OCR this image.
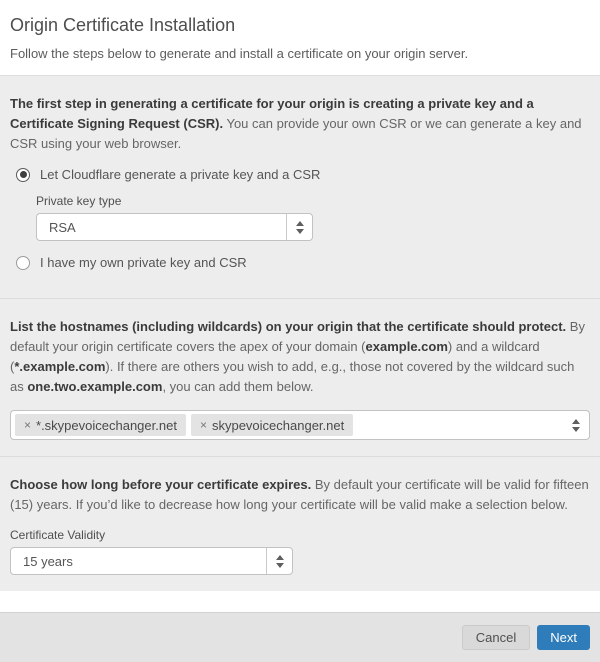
Origin Certificate Installation

Follow the steps below to generate and install a certificate on your origin server.

The first step in generating a certificate for your origin is creating a private key and a Certificate Signing Request (CSR). You can provide your own CSR or we can generate a key and CSR using your web browser.

Let Cloudflare generate a private key and a CSR
Private key type
RSA
I have my own private key and CSR

List the hostnames (including wildcards) on your origin that the certificate should protect. By default your origin certificate covers the apex of your domain (example.com) and a wildcard (*.example.com). If there are others you wish to add, e.g., those not covered by the wildcard such as one.two.example.com, you can add them below.

× *.skypevoicechanger.net × skypevoicechanger.net

Choose how long before your certificate expires. By default your certificate will be valid for fifteen (15) years. If you’d like to decrease how long your certificate will be valid make a selection below.

Certificate Validity
15 years
Cancel	Next
